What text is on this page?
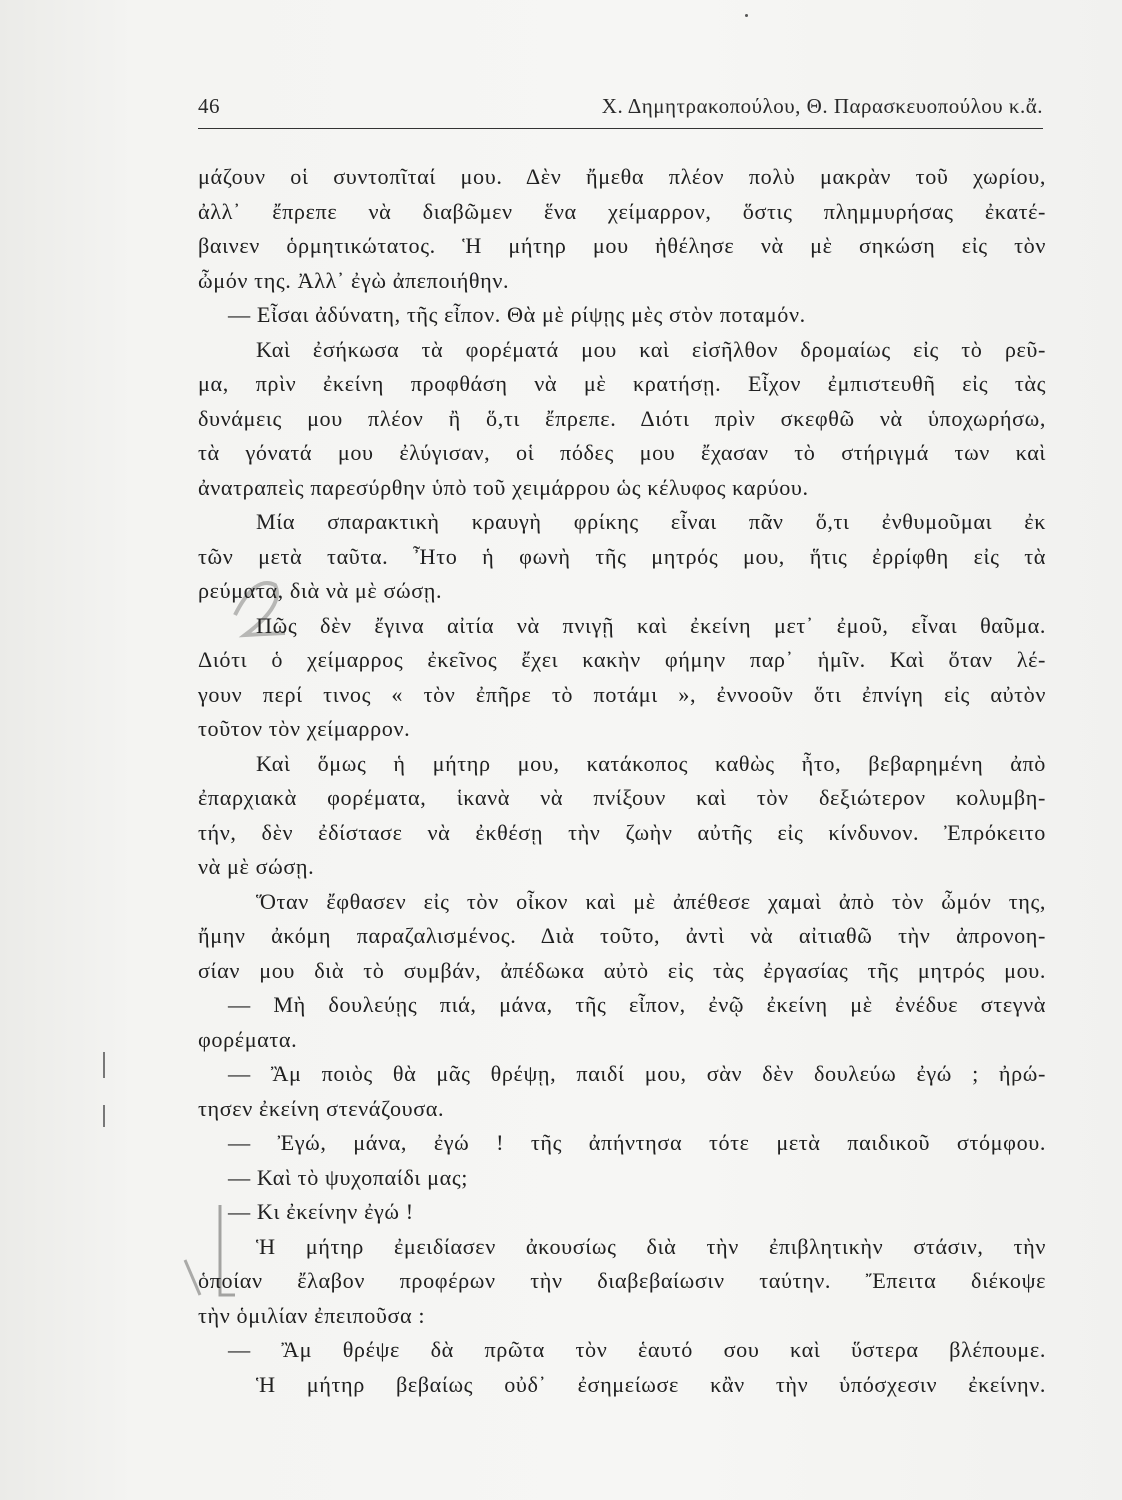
46	Χ. Δημητρακοπούλου, Θ. Παρασκευοπούλου κ.ἄ.
μάζουν οἱ συντοπῖταί μου. Δὲν ἤμεθα πλέον πολὺ μακρὰν τοῦ χωρίου,
ἀλλ᾽ ἔπρεπε νὰ διαβῶμεν ἕνα χείμαρρον, ὅστις πλημμυρήσας ἐκατέ-
βαινεν ὁρμητικώτατος. Ἡ μήτηρ μου ἠθέλησε νὰ μὲ σηκώση εἰς τὸν
ὦμόν της. Ἀλλ᾽ ἐγὼ ἀπεποιήθην.
— Εἶσαι ἀδύνατη, τῆς εἶπον. Θὰ μὲ ρίψῃς μὲς στὸν ποταμόν.
Καὶ ἐσήκωσα τὰ φορέματά μου καὶ εἰσῆλθον δρομαίως εἰς τὸ ρεῦ-
μα, πρὶν ἐκείνη προφθάση νὰ μὲ κρατήσῃ. Εἶχον ἐμπιστευθῆ εἰς τὰς
δυνάμεις μου πλέον ἢ ὅ,τι ἔπρεπε. Διότι πρὶν σκεφθῶ νὰ ὑποχωρήσω,
τὰ γόνατά μου ἐλύγισαν, οἱ πόδες μου ἔχασαν τὸ στήριγμά των καὶ
ἀνατραπεὶς παρεσύρθην ὑπὸ τοῦ χειμάρρου ὡς κέλυφος καρύου.
Μία σπαρακτικὴ κραυγὴ φρίκης εἶναι πᾶν ὅ,τι ἐνθυμοῦμαι ἐκ
τῶν μετὰ ταῦτα. Ἦτο ἡ φωνὴ τῆς μητρός μου, ἥτις ἐρρίφθη εἰς τὰ
ρεύματα, διὰ νὰ μὲ σώσῃ.
Πῶς δὲν ἔγινα αἰτία νὰ πνιγῇ καὶ ἐκείνη μετ᾽ ἐμοῦ, εἶναι θαῦμα.
Διότι ὁ χείμαρρος ἐκεῖνος ἔχει κακὴν φήμην παρ᾽ ἡμῖν. Καὶ ὅταν λέ-
γουν περί τινος « τὸν ἐπῆρε τὸ ποτάμι », ἐννοοῦν ὅτι ἐπνίγη εἰς αὐτὸν
τοῦτον τὸν χείμαρρον.
Καὶ ὅμως ἡ μήτηρ μου, κατάκοπος καθὼς ἦτο, βεβαρημένη ἀπὸ
ἐπαρχιακὰ φορέματα, ἱκανὰ νὰ πνίξουν καὶ τὸν δεξιώτερον κολυμβη-
τήν, δὲν ἐδίστασε νὰ ἐκθέσῃ τὴν ζωὴν αὐτῆς εἰς κίνδυνον. Ἐπρόκειτο
νὰ μὲ σώσῃ.
Ὅταν ἔφθασεν εἰς τὸν οἶκον καὶ μὲ ἀπέθεσε χαμαὶ ἀπὸ τὸν ὦμόν της,
ἤμην ἀκόμη παραζαλισμένος. Διὰ τοῦτο, ἀντὶ νὰ αἰτιαθῶ τὴν ἀπρονοη-
σίαν μου διὰ τὸ συμβάν, ἀπέδωκα αὐτὸ εἰς τὰς ἐργασίας τῆς μητρός μου.
— Μὴ δουλεύῃς πιά, μάνα, τῆς εἶπον, ἐνῷ ἐκείνη μὲ ἐνέδυε στεγνὰ
φορέματα.
— Ἂμ ποιὸς θὰ μᾶς θρέψῃ, παιδί μου, σὰν δὲν δουλεύω ἐγώ ; ἠρώ-
τησεν ἐκείνη στενάζουσα.
— Ἐγώ, μάνα, ἐγώ ! τῆς ἀπήντησα τότε μετὰ παιδικοῦ στόμφου.
— Καὶ τὸ ψυχοπαίδι μας;
— Κι ἐκείνην ἐγώ !
Ἡ μήτηρ ἐμειδίασεν ἀκουσίως διὰ τὴν ἐπιβλητικὴν στάσιν, τὴν
ὁποίαν ἔλαβον προφέρων τὴν διαβεβαίωσιν ταύτην. Ἔπειτα διέκοψε
τὴν ὁμιλίαν ἐπειποῦσα :
— Ἂμ θρέψε δὰ πρῶτα τὸν ἑαυτό σου καὶ ὕστερα βλέπουμε.
Ἡ μήτηρ βεβαίως οὐδ᾽ ἐσημείωσε κἂν τὴν ὑπόσχεσιν ἐκείνην.
